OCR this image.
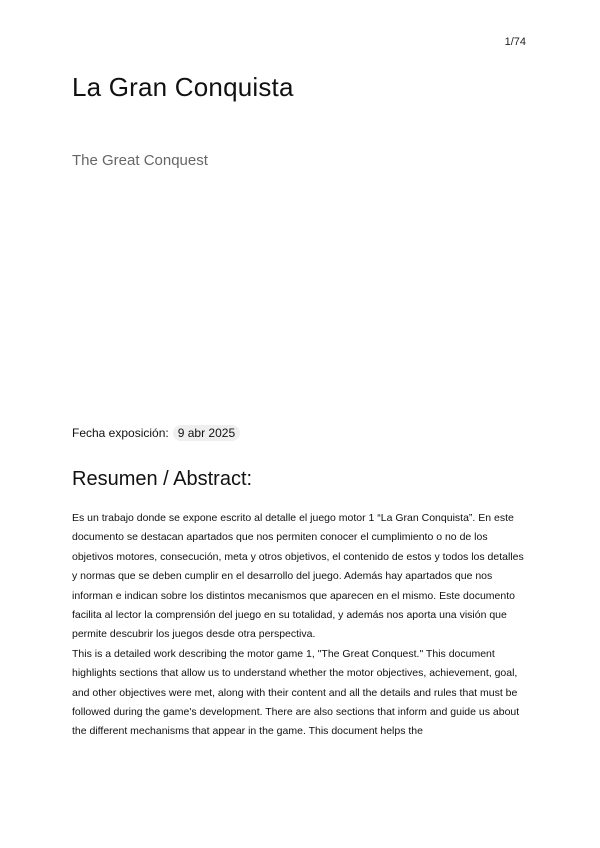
1/74
La Gran Conquista

The Great Conquest

Fecha exposición: 9 abr 2025
Resumen / Abstract:

Es un trabajo donde se expone escrito al detalle el juego motor 1 “La Gran Conquista”. En este documento se destacan apartados que nos permiten conocer el cumplimiento o no de los objetivos motores, consecución, meta y otros objetivos, el contenido de estos y todos los detalles y normas que se deben cumplir en el desarrollo del juego. Además hay apartados que nos informan e indican sobre los distintos mecanismos que aparecen en el mismo. Este documento facilita al lector la comprensión del juego en su totalidad, y además nos aporta una visión que permite descubrir los juegos desde otra perspectiva.

This is a detailed work describing the motor game 1, "The Great Conquest." This document highlights sections that allow us to understand whether the motor objectives, achievement, goal, and other objectives were met, along with their content and all the details and rules that must be followed during the game's development. There are also sections that inform and guide us about the different mechanisms that appear in the game. This document helps the
